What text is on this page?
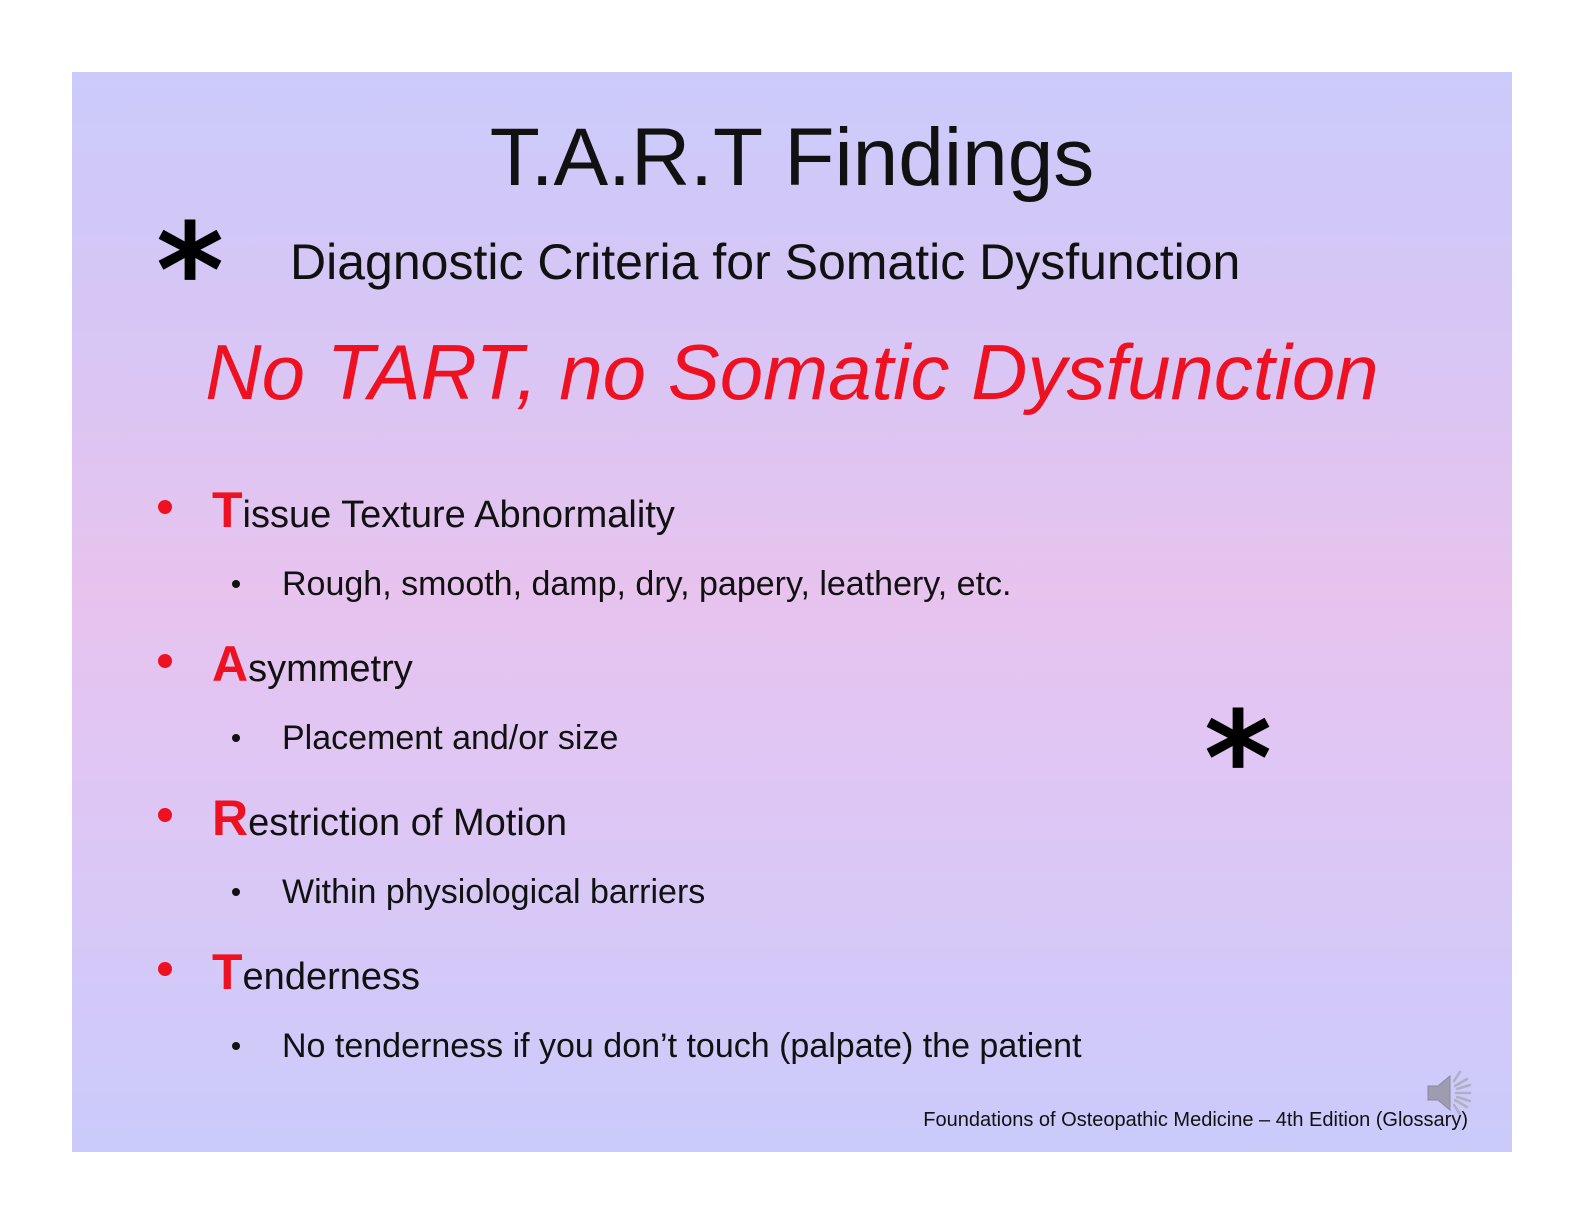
T.A.R.T Findings
* Diagnostic Criteria for Somatic Dysfunction
No TART, no Somatic Dysfunction
Tissue Texture Abnormality
Rough, smooth, damp, dry, papery, leathery, etc.
Asymmetry
Placement and/or size
Restriction of Motion
Within physiological barriers
Tenderness
No tenderness if you don’t touch (palpate) the patient
*
Foundations of Osteopathic Medicine – 4th Edition (Glossary)
